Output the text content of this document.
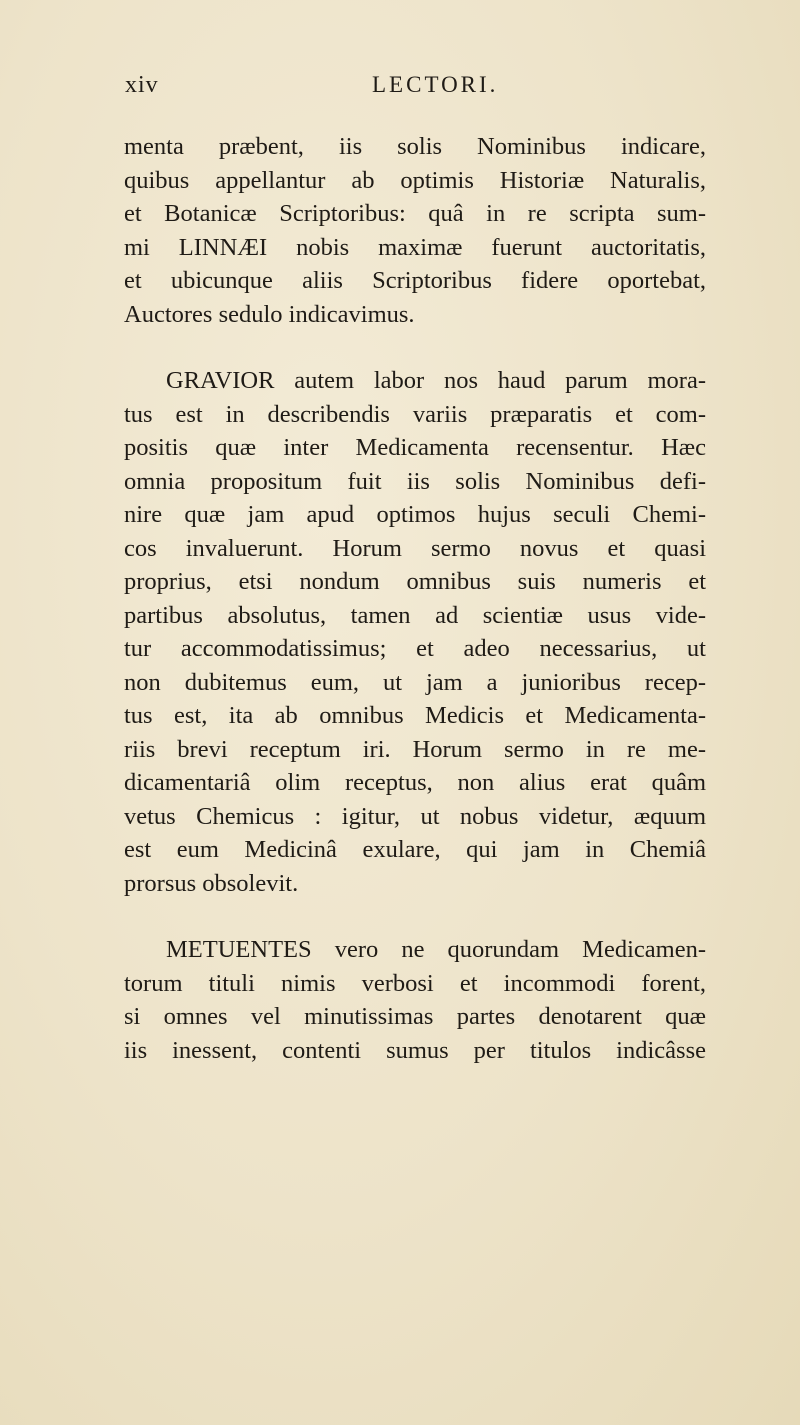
xiv	LECTORI.
menta præbent, iis solis Nominibus indicare,
quibus appellantur ab optimis Historiæ Naturalis,
et Botanicæ Scriptoribus: quâ in re scripta sum-
mi LINNÆI nobis maximæ fuerunt auctoritatis,
et ubicunque aliis Scriptoribus fidere oportebat,
Auctores sedulo indicavimus.
GRAVIOR autem labor nos haud parum mora-
tus est in describendis variis præparatis et com-
positis quæ inter Medicamenta recensentur. Hæc
omnia propositum fuit iis solis Nominibus defi-
nire quæ jam apud optimos hujus seculi Chemi-
cos invaluerunt. Horum sermo novus et quasi
proprius, etsi nondum omnibus suis numeris et
partibus absolutus, tamen ad scientiæ usus vide-
tur accommodatissimus; et adeo necessarius, ut
non dubitemus eum, ut jam a junioribus recep-
tus est, ita ab omnibus Medicis et Medicamenta-
riis brevi receptum iri. Horum sermo in re me-
dicamentariâ olim receptus, non alius erat quâm
vetus Chemicus : igitur, ut nobus videtur, æquum
est eum Medicinâ exulare, qui jam in Chemiâ
prorsus obsolevit.
METUENTES vero ne quorundam Medicamen-
torum tituli nimis verbosi et incommodi forent,
si omnes vel minutissimas partes denotarent quæ
iis inessent, contenti sumus per titulos indicâsse
